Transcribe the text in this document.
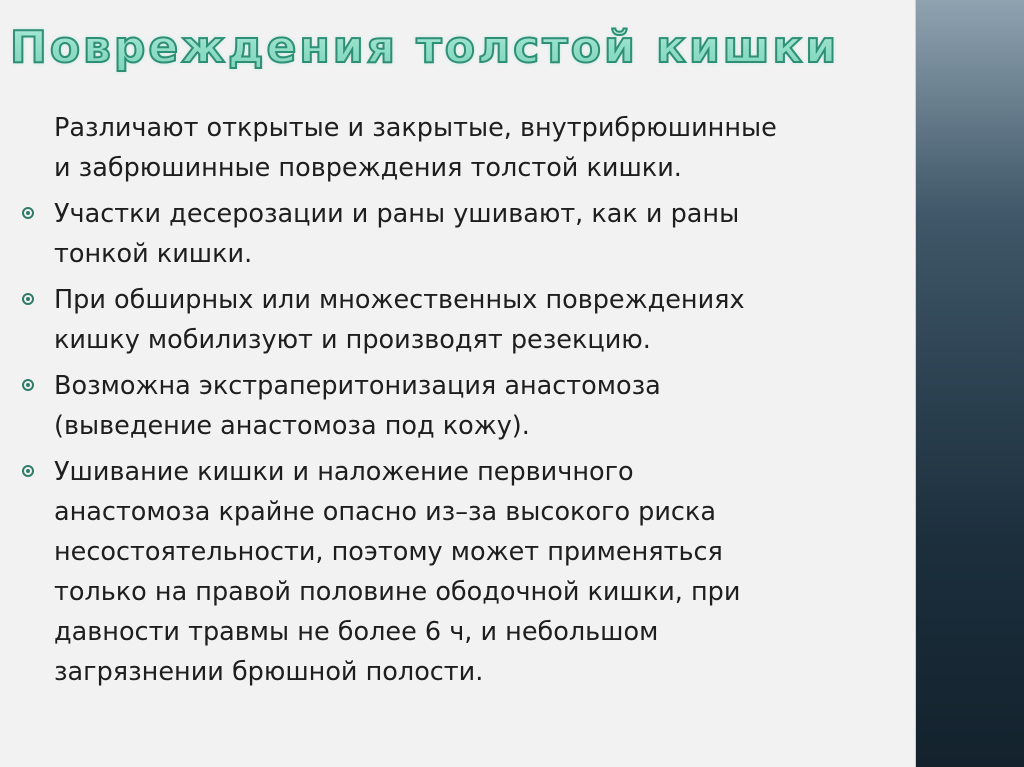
Повреждения толстой кишки
Различают открытые и закрытые, внутрибрюшинные
и забрюшинные повреждения толстой кишки.
Участки десерозации и раны ушивают, как и раны
тонкой кишки.
При обширных или множественных повреждениях
кишку мобилизуют и производят резекцию.
Возможна экстраперитонизация анастомоза
(выведение анастомоза под кожу).
Ушивание кишки и наложение первичного
анастомоза крайне опасно из–за высокого риска
несостоятельности, поэтому может применяться
только на правой половине ободочной кишки, при
давности травмы не более 6 ч, и небольшом
загрязнении брюшной полости.
